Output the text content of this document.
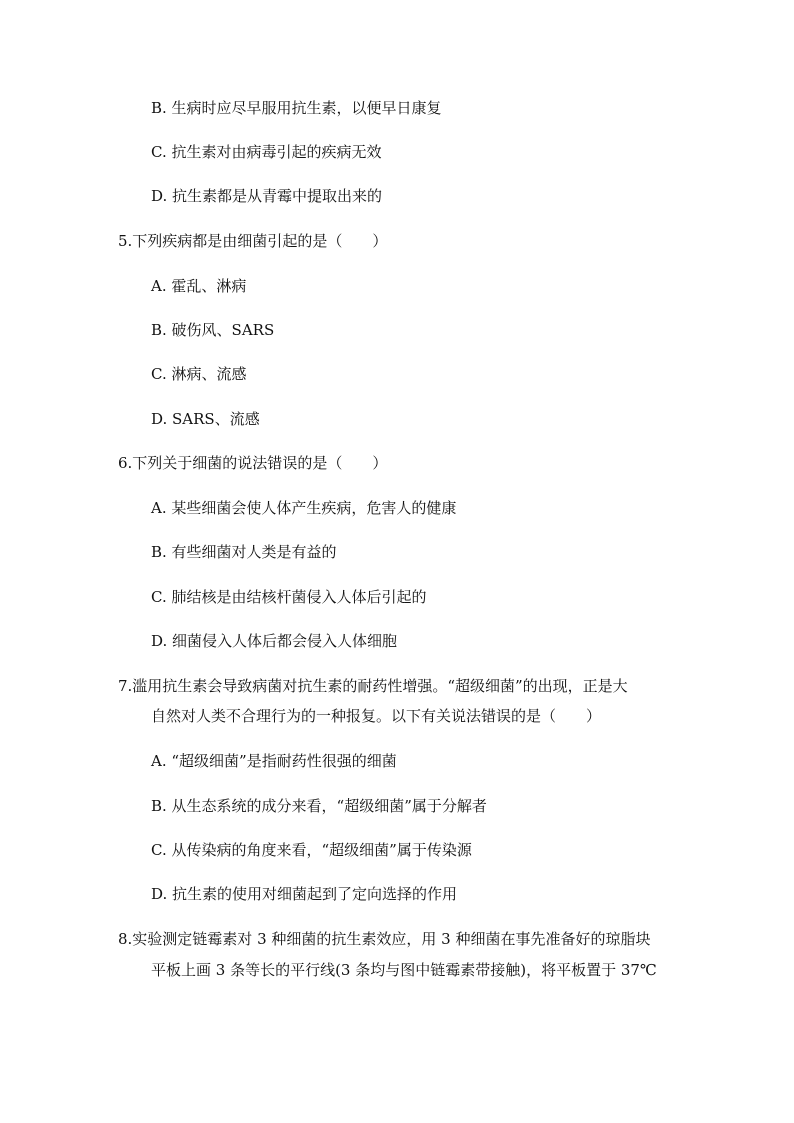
B. 生病时应尽早服用抗生素，以便早日康复
C. 抗生素对由病毒引起的疾病无效
D. 抗生素都是从青霉中提取出来的
5.下列疾病都是由细菌引起的是（　　）
A. 霍乱、淋病
B. 破伤风、SARS
C. 淋病、流感
D. SARS、流感
6.下列关于细菌的说法错误的是（　　）
A. 某些细菌会使人体产生疾病，危害人的健康
B. 有些细菌对人类是有益的
C. 肺结核是由结核杆菌侵入人体后引起的
D. 细菌侵入人体后都会侵入人体细胞
7.滥用抗生素会导致病菌对抗生素的耐药性增强。“超级细菌”的出现，正是大
自然对人类不合理行为的一种报复。以下有关说法错误的是（　　）
A. “超级细菌”是指耐药性很强的细菌
B. 从生态系统的成分来看，“超级细菌”属于分解者
C. 从传染病的角度来看，“超级细菌”属于传染源
D. 抗生素的使用对细菌起到了定向选择的作用
8.实验测定链霉素对 3 种细菌的抗生素效应，用 3 种细菌在事先准备好的琼脂块
平板上画 3 条等长的平行线(3 条均与图中链霉素带接触)，将平板置于 37℃
